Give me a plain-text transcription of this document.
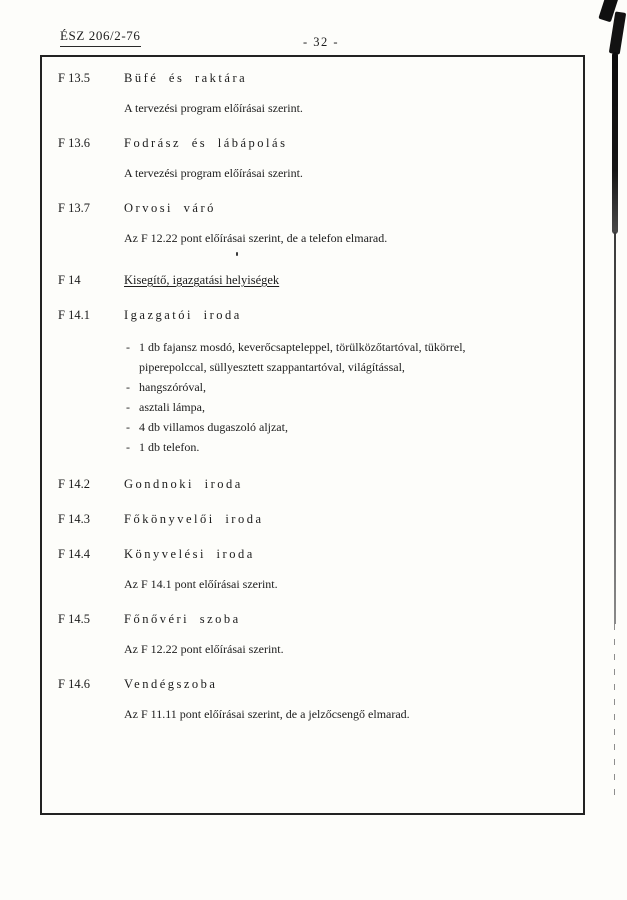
ÉSZ 206/2-76	- 32 -
F 13.5	Büfé és raktára
A tervezési program előírásai szerint.
F 13.6	Fodrász és lábápolás
A tervezési program előírásai szerint.
F 13.7	Orvosi váró
Az F 12.22 pont előírásai szerint, de a telefon elmarad.
F 14	Kisegítő, igazgatási helyiségek
F 14.1	Igazgatói iroda
- 1 db fajansz mosdó, keverőcsapteleppel, törülközőtartóval, tükörrel, piperepolccal, süllyesztett szappantartóval, világítással,
- hangszóróval,
- asztali lámpa,
- 4 db villamos dugaszoló aljzat,
- 1 db telefon.
F 14.2	Gondnoki iroda
F 14.3	Főkönyvelői iroda
F 14.4	Könyvelési iroda
Az F 14.1 pont előírásai szerint.
F 14.5	Főnővéri szoba
Az F 12.22 pont előírásai szerint.
F 14.6	Vendégszoba
Az F 11.11 pont előírásai szerint, de a jelzőcsengő elmarad.
